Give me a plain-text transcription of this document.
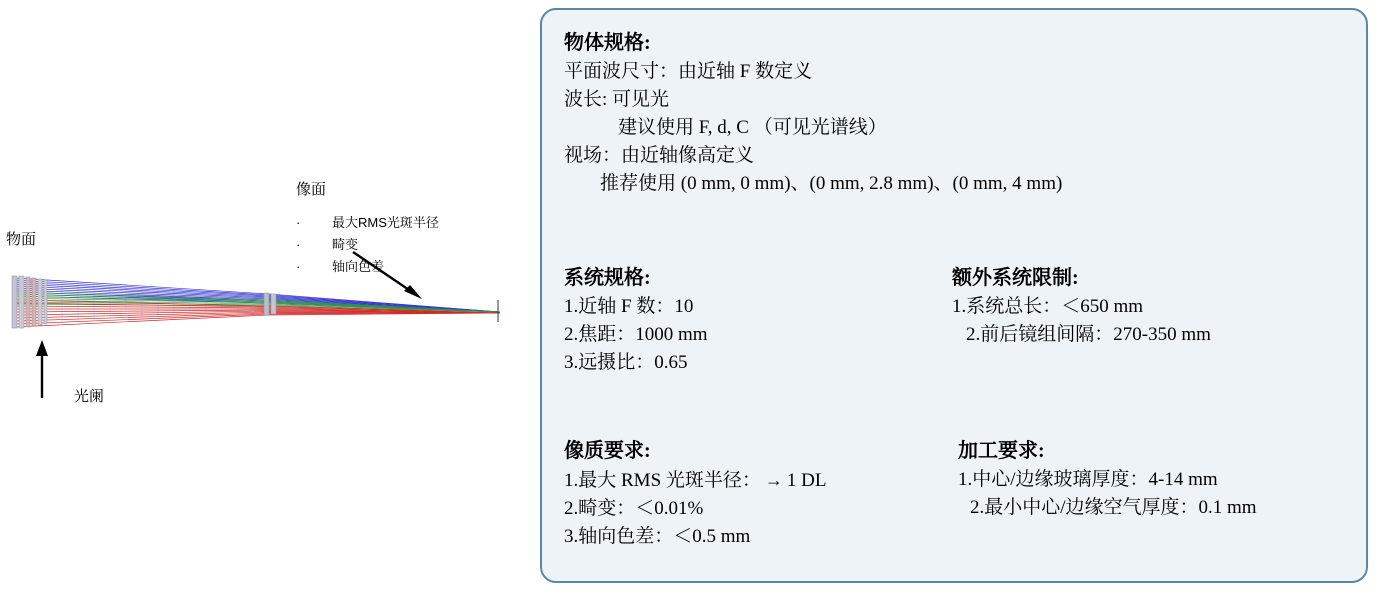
物面
像面
光阑
·	最大RMS光斑半径
·	畸变
·	轴向色差
物体规格:
平面波尺寸：由近轴 F 数定义
波长: 可见光
建议使用 F, d, C （可见光谱线）
视场：由近轴像高定义
推荐使用 (0 mm, 0 mm)、(0 mm, 2.8 mm)、(0 mm, 4 mm)
系统规格:
1.近轴 F 数：10
2.焦距：1000 mm
3.远摄比：0.65
额外系统限制:
1.系统总长：＜650 mm
2.前后镜组间隔：270‐350 mm
像质要求:
1.最大 RMS 光斑半径： → 1 DL
2.畸变：＜0.01%
3.轴向色差：＜0.5 mm
加工要求:
1.中心/边缘玻璃厚度：4‐14 mm
2.最小中心/边缘空气厚度：0.1 mm
